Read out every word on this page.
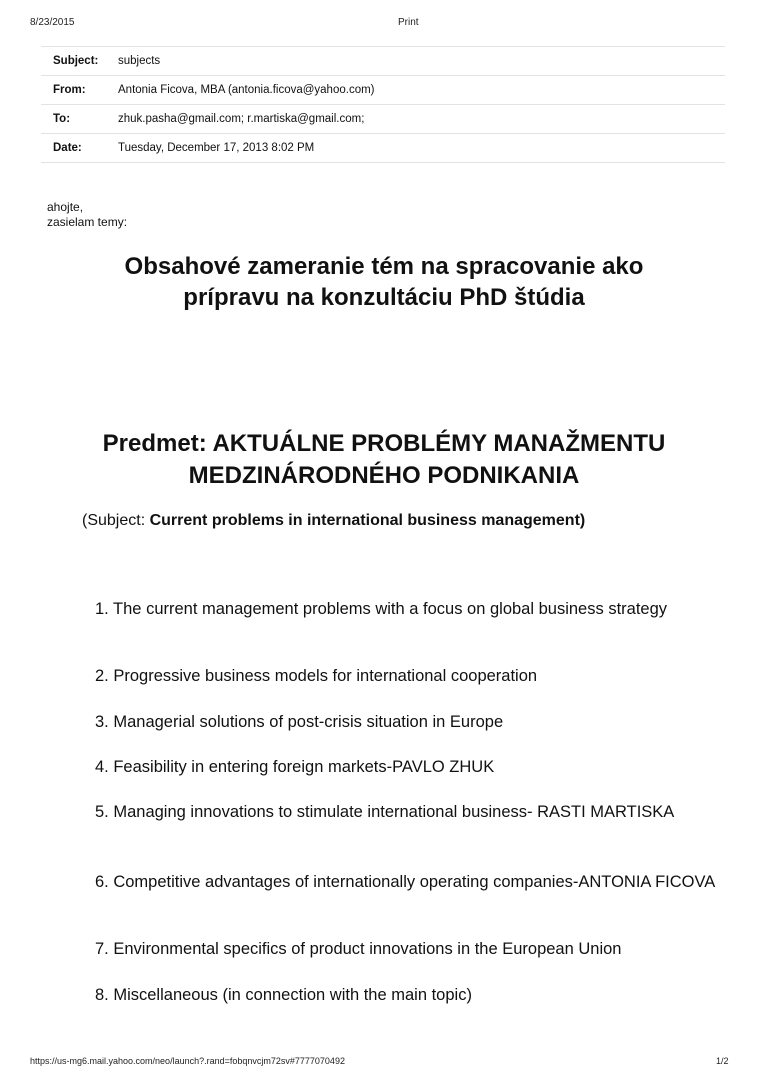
8/23/2015	Print
Subject: subjects
From:	Antonia Ficova, MBA (antonia.ficova@yahoo.com)
To:	zhuk.pasha@gmail.com; r.martiska@gmail.com;
Date:	Tuesday, December 17, 2013 8:02 PM
ahojte,
zasielam temy:
Obsahové zameranie tém na spracovanie ako
prípravu na konzultáciu PhD štúdia
Predmet: AKTUÁLNE PROBLÉMY MANAŽMENTU
MEDZINÁRODNÉHO PODNIKANIA
(Subject: Current problems in international business management)
1. The current management problems with a focus on global business strategy
2. Progressive business models for international cooperation
3. Managerial solutions of post-crisis situation in Europe
4. Feasibility in entering foreign markets-PAVLO ZHUK
5. Managing innovations to stimulate international business- RASTI MARTISKA
6. Competitive advantages of internationally operating companies-ANTONIA FICOVA
7. Environmental specifics of product innovations in the European Union
8. Miscellaneous (in connection with the main topic)
https://us-mg6.mail.yahoo.com/neo/launch?.rand=fobqnvcjm72sv#7777070492	1/2
